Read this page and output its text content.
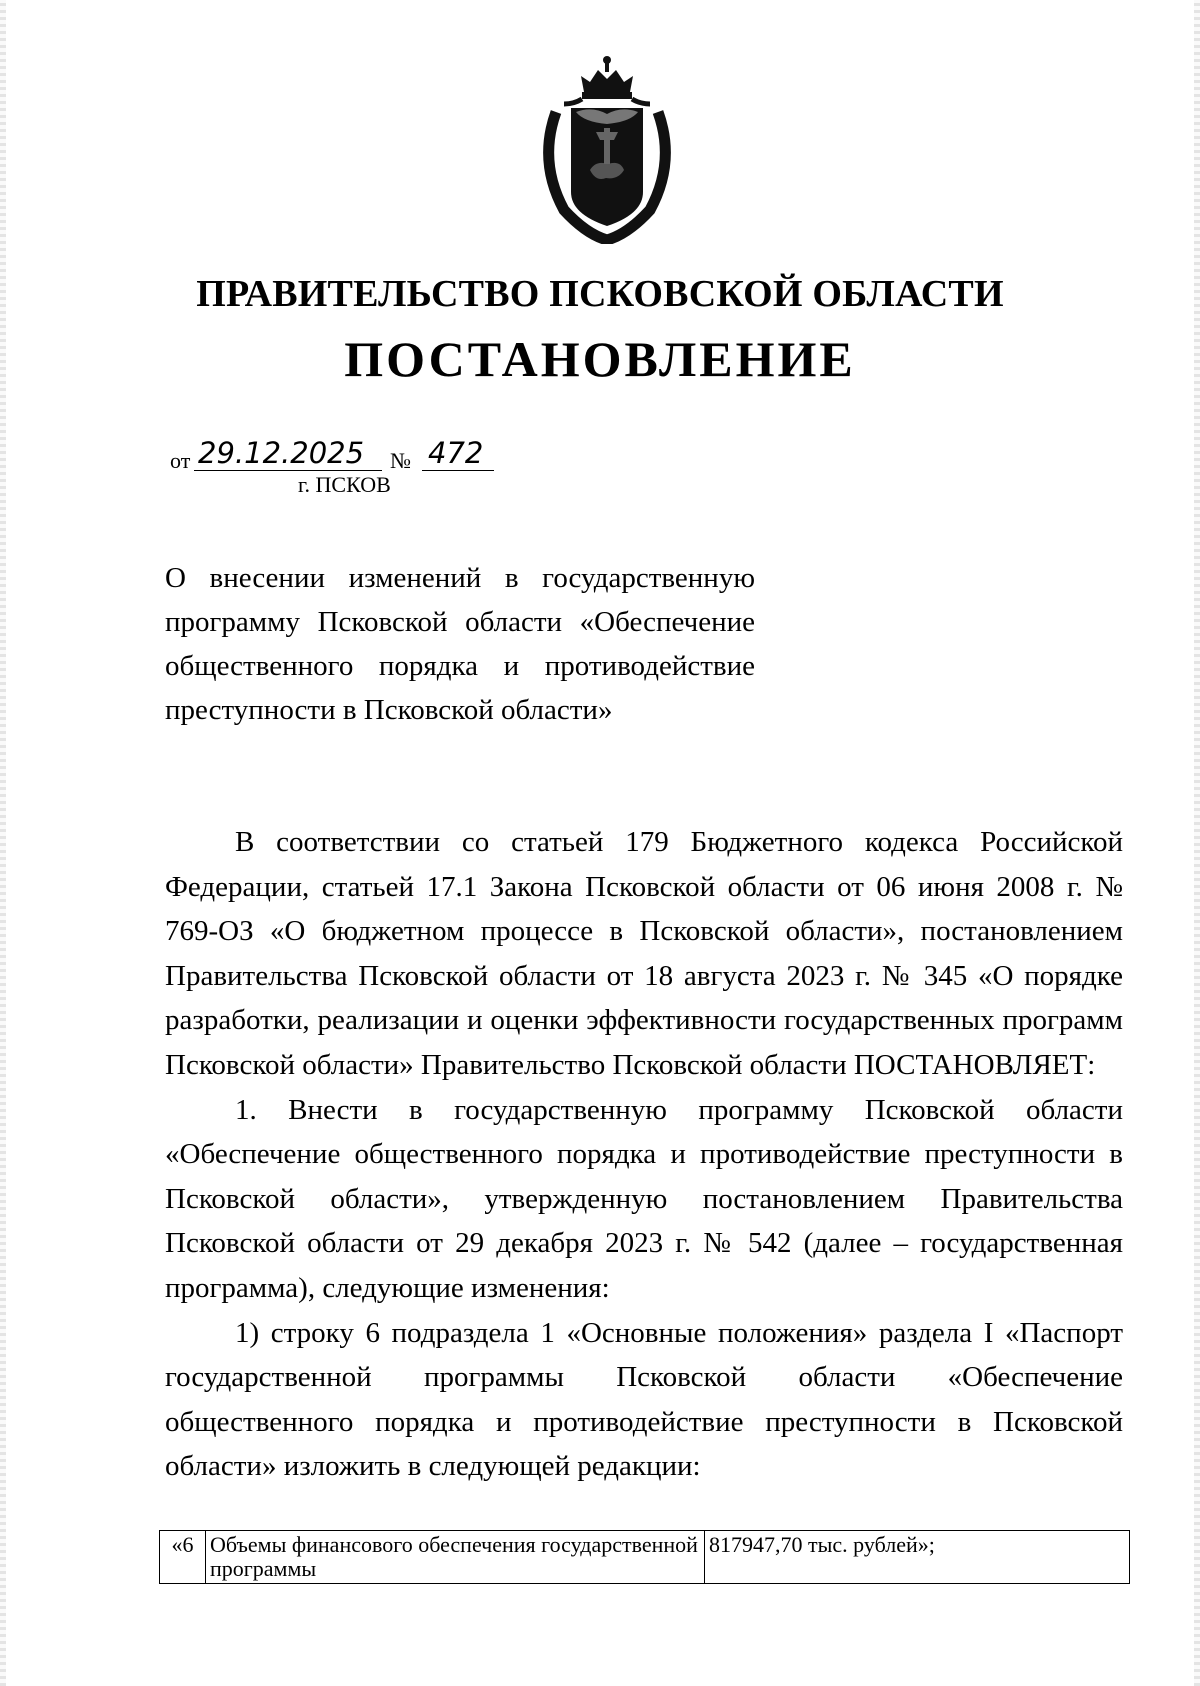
ПРАВИТЕЛЬСТВО ПСКОВСКОЙ ОБЛАСТИ
ПОСТАНОВЛЕНИЕ
от 29.12.2025 № 472
г. ПСКОВ
О внесении изменений в государственную программу Псковской области «Обеспечение общественного порядка и противодействие преступности в Псковской области»

В соответствии со статьей 179 Бюджетного кодекса Российской Федерации, статьей 17.1 Закона Псковской области от 06 июня 2008 г. № 769-ОЗ «О бюджетном процессе в Псковской области», постановлением Правительства Псковской области от 18 августа 2023 г. № 345 «О порядке разработки, реализации и оценки эффективности государственных программ Псковской области» Правительство Псковской области ПОСТАНОВЛЯЕТ:

1. Внести в государственную программу Псковской области «Обеспечение общественного порядка и противодействие преступности в Псковской области», утвержденную постановлением Правительства Псковской области от 29 декабря 2023 г. № 542 (далее – государственная программа), следующие изменения:

1) строку 6 подраздела 1 «Основные положения» раздела I «Паспорт государственной программы Псковской области «Обеспечение общественного порядка и противодействие преступности в Псковской области» изложить в следующей редакции:

«6	Объемы финансового обеспечения государственной программы	817947,70 тыс. рублей»;
